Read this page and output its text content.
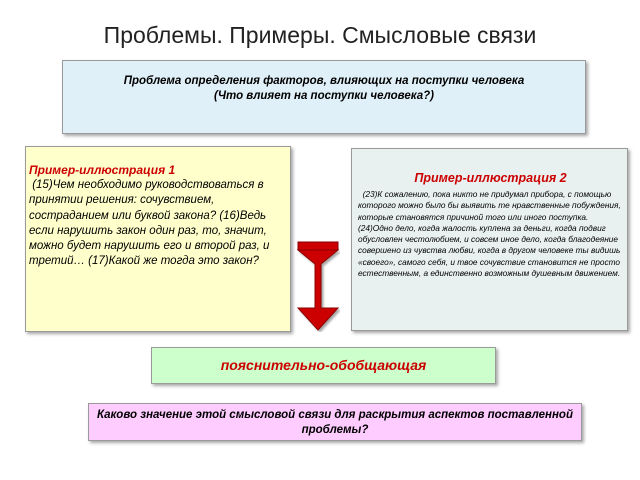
Проблемы. Примеры. Смысловые связи
Проблема определения факторов, влияющих на поступки человека
(Что влияет на поступки человека?)
Пример-иллюстрация 1
(15)Чем необходимо руководствоваться в принятии решения: сочувствием, состраданием или буквой закона? (16)Ведь если нарушить закон один раз, то, значит, можно будет нарушить его и второй раз, и третий… (17)Какой же тогда это закон?
Пример-иллюстрация 2
(23)К сожалению, пока никто не придумал прибора, с помощью которого можно было бы выявить те нравственные побуждения, которые становятся причиной того или иного поступка. (24)Одно дело, когда жалость куплена за деньги, когда подвиг обусловлен честолюбием, и совсем иное дело, когда благодеяние совершено из чувства любви, когда в другом человеке ты видишь «своего», самого себя, и твое сочувствие становится не просто естественным, а единственно возможным душевным движением.
пояснительно-обобщающая
Каково значение этой смысловой связи для раскрытия аспектов поставленной проблемы?
